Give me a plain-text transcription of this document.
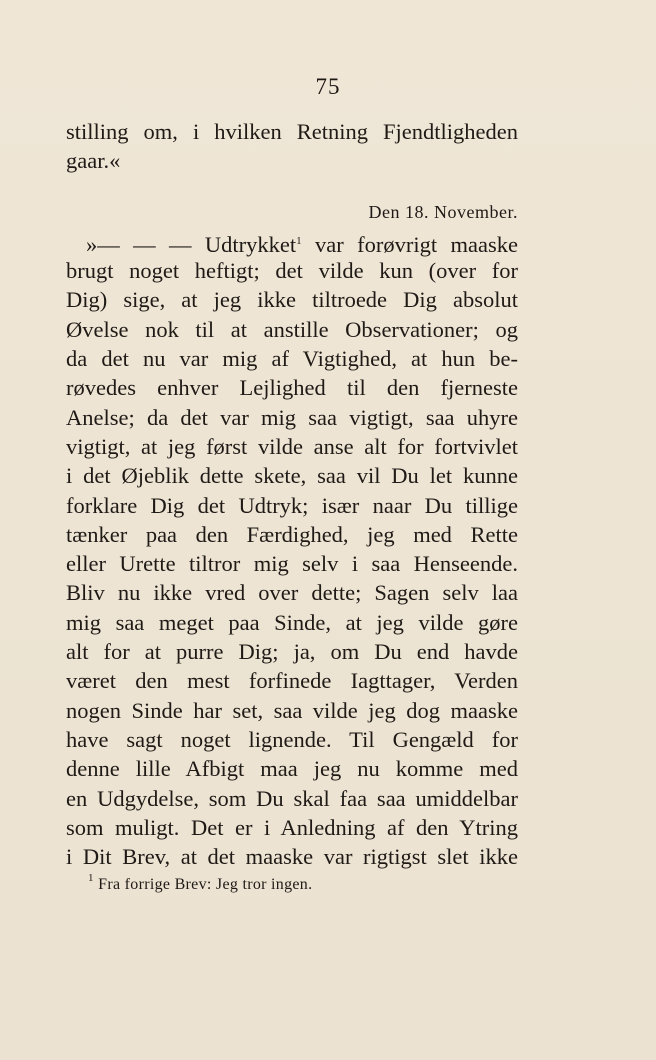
75
stilling om, i hvilken Retning Fjendtligheden
gaar.«
Den 18. November.
»— — — Udtrykket$^1$ var forøvrigt maaske
brugt noget heftigt; det vilde kun (over for
Dig) sige, at jeg ikke tiltroede Dig absolut
Øvelse nok til at anstille Observationer; og
da det nu var mig af Vigtighed, at hun be-
røvedes enhver Lejlighed til den fjerneste
Anelse; da det var mig saa vigtigt, saa uhyre
vigtigt, at jeg først vilde anse alt for fortvivlet
i det Øjeblik dette skete, saa vil Du let kunne
forklare Dig det Udtryk; især naar Du tillige
tænker paa den Færdighed, jeg med Rette
eller Urette tiltror mig selv i saa Henseende.
Bliv nu ikke vred over dette; Sagen selv laa
mig saa meget paa Sinde, at jeg vilde gøre
alt for at purre Dig; ja, om Du end havde
været den mest forfinede Iagttager, Verden
nogen Sinde har set, saa vilde jeg dog maaske
have sagt noget lignende. Til Gengæld for
denne lille Afbigt maa jeg nu komme med
en Udgydelse, som Du skal faa saa umiddelbar
som muligt. Det er i Anledning af den Ytring
i Dit Brev, at det maaske var rigtigst slet ikke
$^1$ Fra forrige Brev: Jeg tror ingen.
